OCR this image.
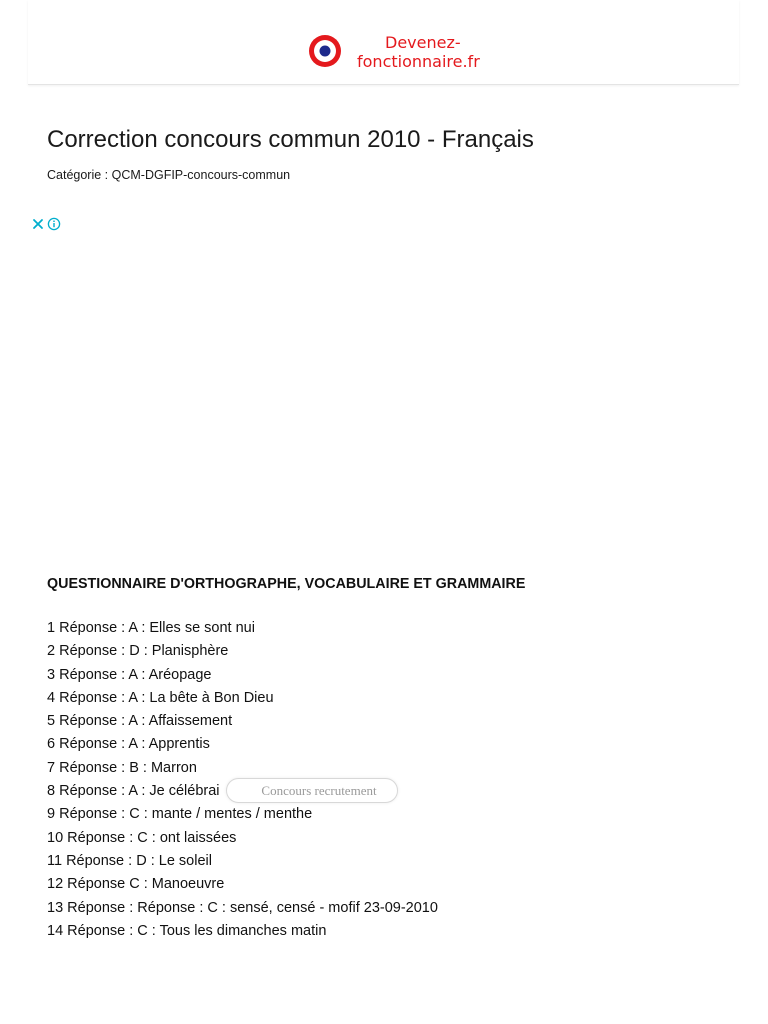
Devenez-
fonctionnaire.fr
Correction concours commun 2010 - Français
Catégorie : QCM-DGFIP-concours-commun
QUESTIONNAIRE D'ORTHOGRAPHE, VOCABULAIRE ET GRAMMAIRE
1 Réponse : A : Elles se sont nui
2 Réponse : D : Planisphère
3 Réponse : A : Aréopage
4 Réponse : A : La bête à Bon Dieu
5 Réponse : A : Affaissement
6 Réponse : A : Apprentis
7 Réponse : B : Marron
8 Réponse : A : Je célébrai
9 Réponse : C : mante / mentes / menthe
10 Réponse : C : ont laissées
11 Réponse : D : Le soleil
12 Réponse C : Manoeuvre
13 Réponse : Réponse : C : sensé, censé - mofif 23-09-2010
14 Réponse : C : Tous les dimanches matin
Concours recrutement
